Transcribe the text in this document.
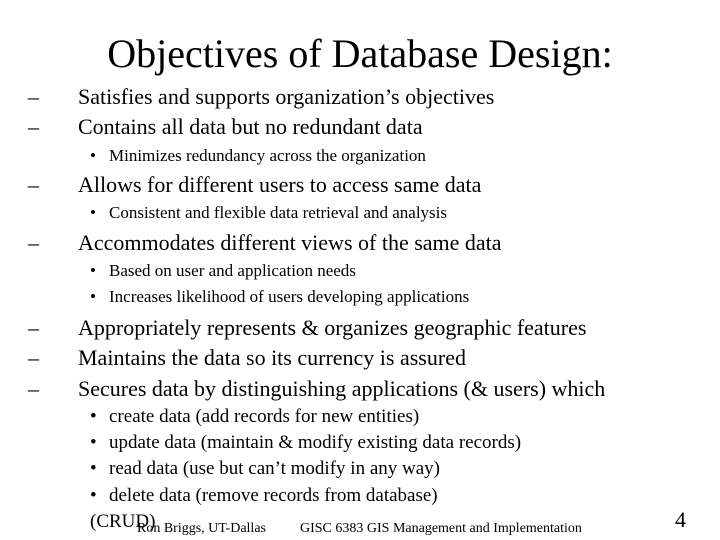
Objectives of Database Design:
– Satisfies and supports organization’s objectives
– Contains all data but no redundant data
• Minimizes redundancy across the organization
– Allows for different users to access same data
• Consistent and flexible data retrieval and analysis
– Accommodates different views of the same data
• Based on user and application needs
• Increases likelihood of users developing applications
– Appropriately represents & organizes geographic features
– Maintains the data so its currency is assured
– Secures data by distinguishing applications (& users) which
• create data (add records for new entities)
• update data (maintain & modify existing data records)
• read data (use but can’t modify in any way)
• delete data (remove records from database)
(CRUD)
Ron Briggs, UT-Dallas GISC 6383 GIS Management and Implementation	4
